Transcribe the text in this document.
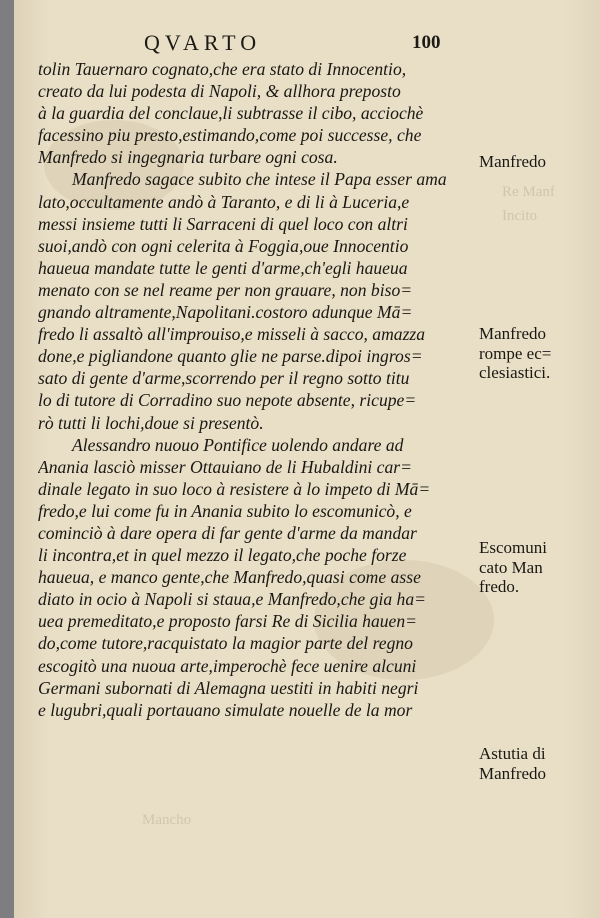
QVARTO	100
tolin Tauernaro cognato,che era stato di Innocentio,
creato da lui podesta di Napoli, & allhora preposto
à la guardia del conclaue,li subtrasse il cibo, acciochè
facessino piu presto,estimando,come poi successe, che
Manfredo si ingegnaria turbare ogni cosa.
Manfredo sagace subito che intese il Papa esser ama
lato,occultamente andò à Taranto, e di li à Luceria,e
messi insieme tutti li Sarraceni di quel loco con altri
suoi,andò con ogni celerita à Foggia,oue Innocentio
haueua mandate tutte le genti d'arme,ch'egli haueua
menato con se nel reame per non grauare, non biso=
gnando altramente,Napolitani.costoro adunque Mā=
fredo li assaltò all'improuiso,e misseli à sacco, amazza
done,e pigliandone quanto glie ne parse.dipoi ingros=
sato di gente d'arme,scorrendo per il regno sotto titu
lo di tutore di Corradino suo nepote absente, ricupe=
rò tutti li lochi,doue si presentò.
Alessandro nuouo Pontifice uolendo andare ad
Anania lasciò misser Ottauiano de li Hubaldini car=
dinale legato in suo loco à resistere à lo impeto di Mā=
fredo,e lui come fu in Anania subito lo escomunicò, e
cominciò à dare opera di far gente d'arme da mandar
li incontra,et in quel mezzo il legato,che poche forze
haueua, e manco gente,che Manfredo,quasi come asse
diato in ocio à Napoli si staua,e Manfredo,che gia ha=
uea premeditato,e proposto farsi Re di Sicilia hauen=
do,come tutore,racquistato la magior parte del regno
escogitò una nuoua arte,imperochè fece uenire alcuni
Germani subornati di Alemagna uestiti in habiti negri
e lugubri,quali portauano simulate nouelle de la mor
Manfredo
Manfredo
rompe ec=
clesiastici.
Escomuni
cato Man
fredo.
Astutia di
Manfredo
Re Manf
Incito
Mancho
